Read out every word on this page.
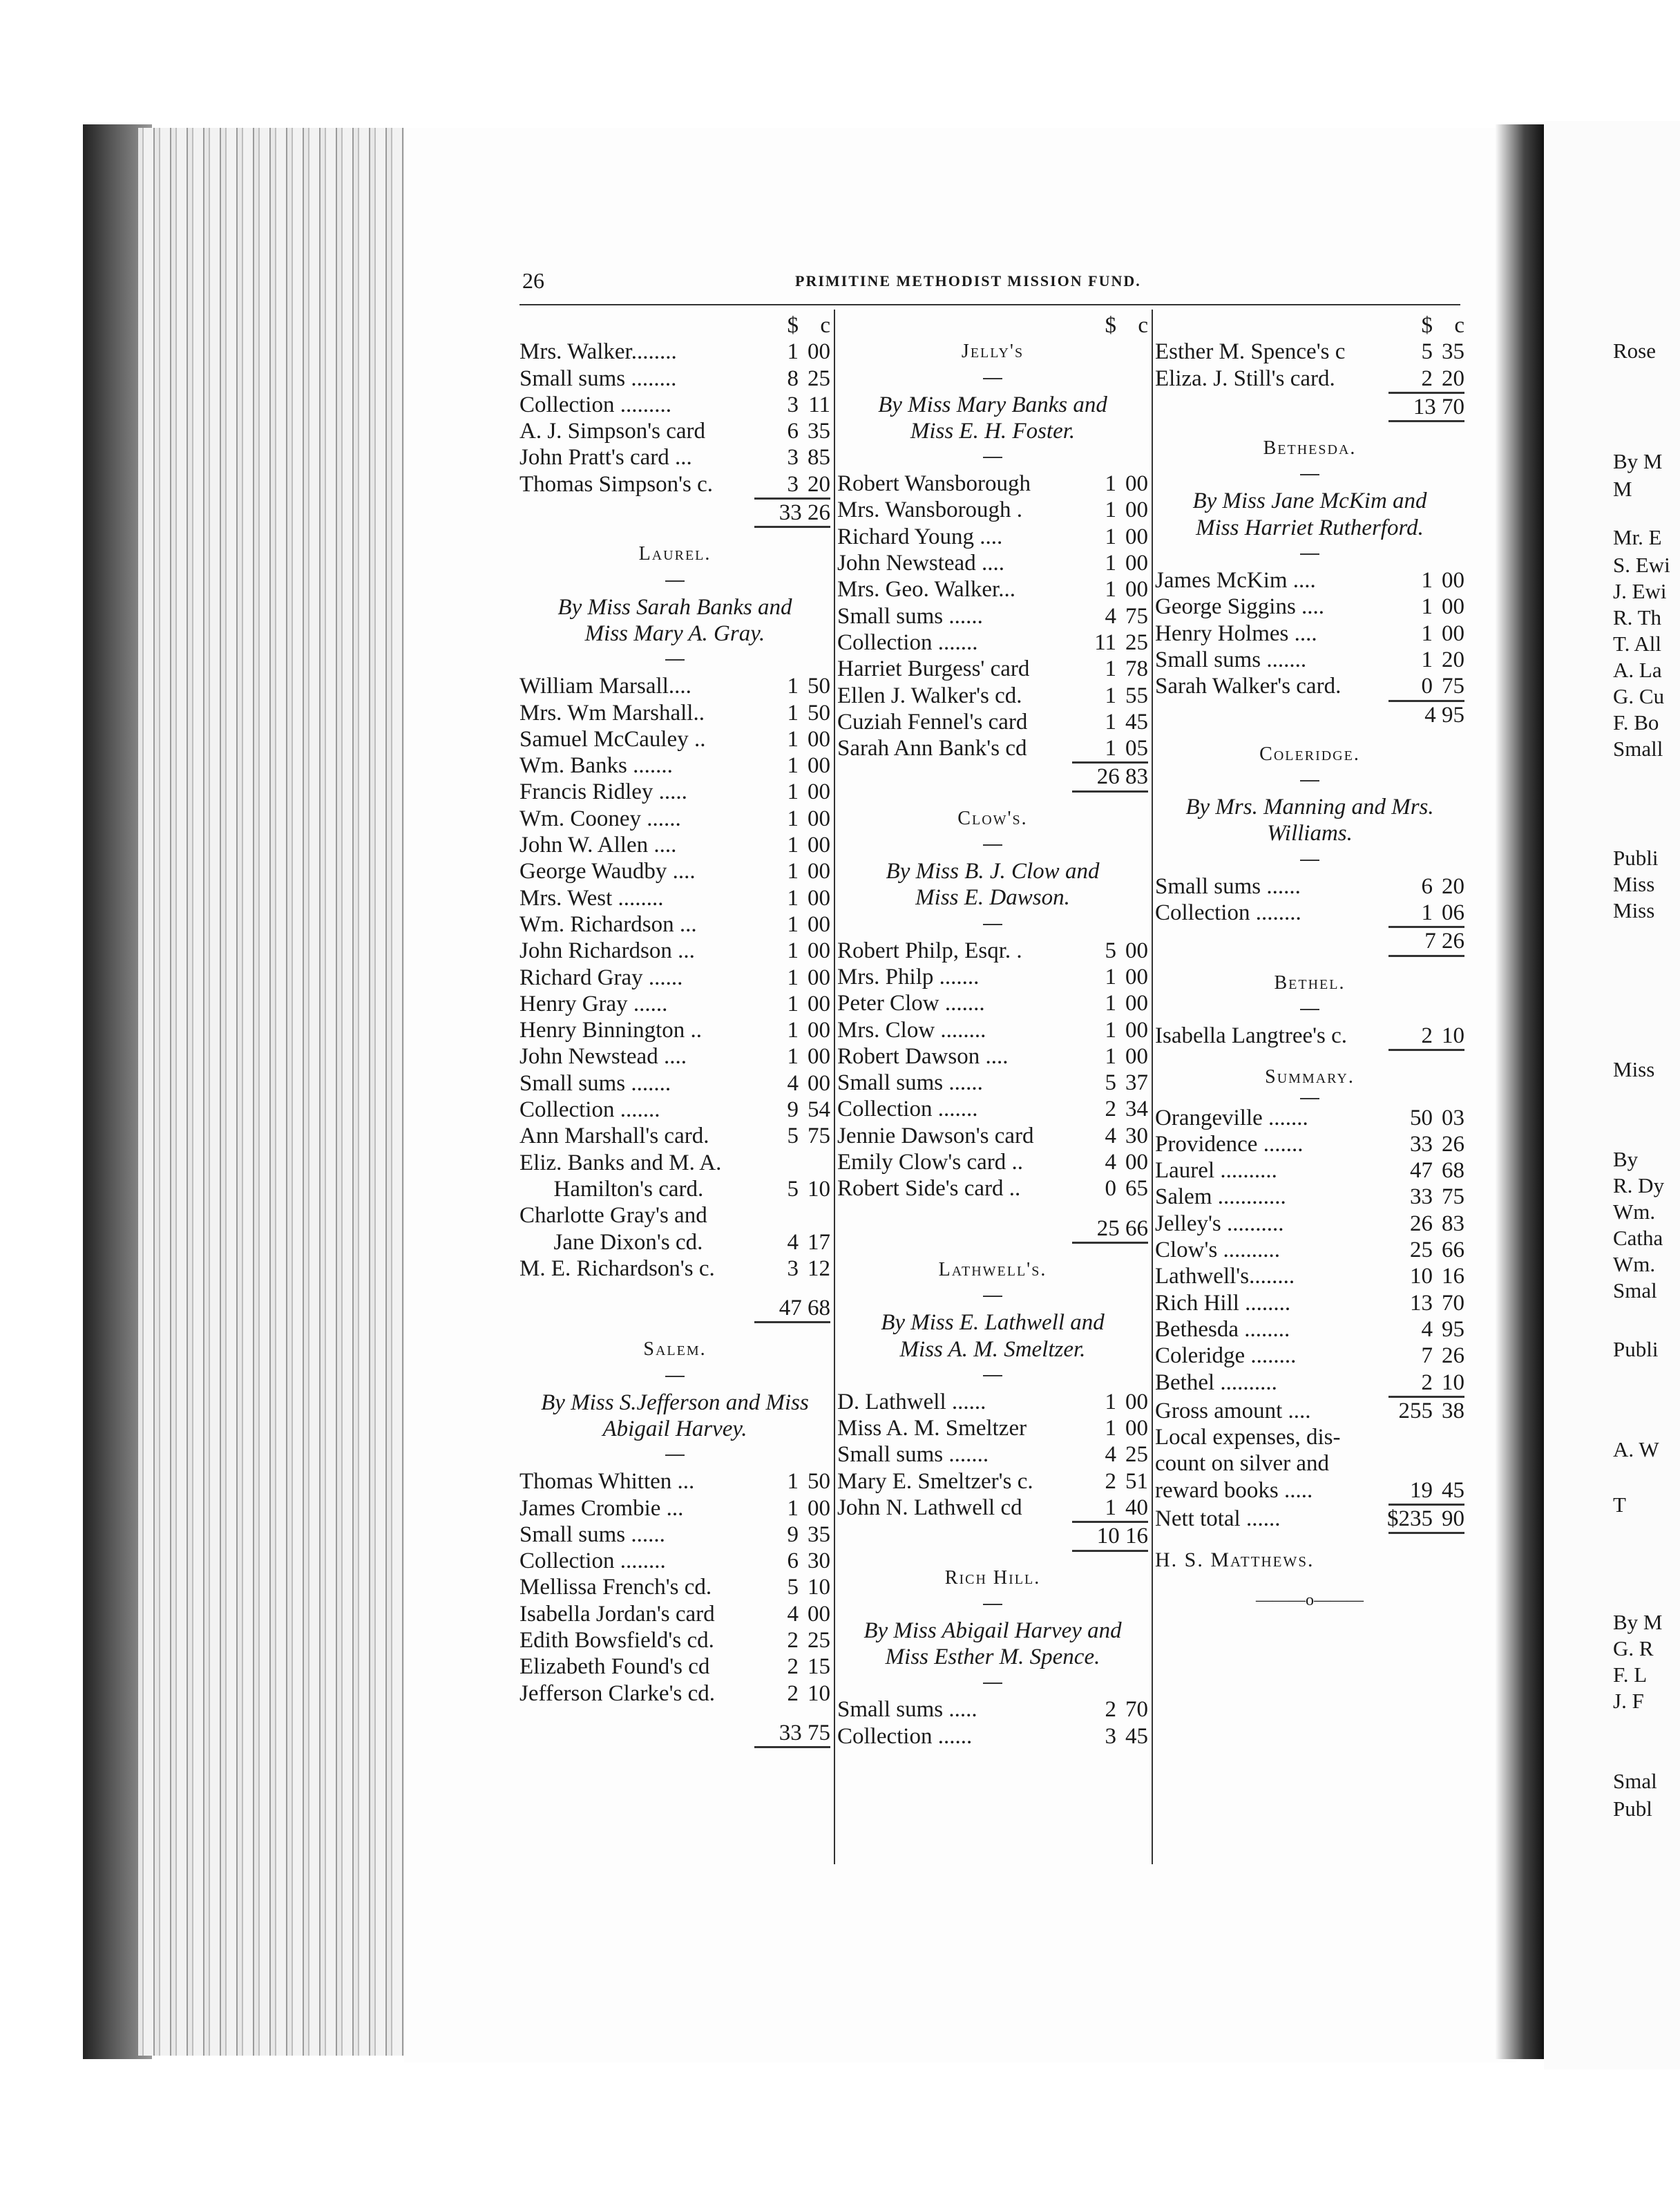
26	PRIMITINE METHODIST MISSION FUND.
$ c
Mrs. Walker........	1 00
Small sums ........	8 25
Collection .........	3 11
A. J. Simpson's card	6 35
John Pratt's card ...	3 85
Thomas Simpson's c.	3 20
33 26
Laurel.
By Miss Sarah Banks and
Miss Mary A. Gray.
William Marsall....	1 50
Mrs. Wm Marshall..	1 50
Samuel McCauley ..	1 00
Wm. Banks .......	1 00
Francis Ridley .....	1 00
Wm. Cooney ......	1 00
John W. Allen ....	1 00
George Waudby ....	1 00
Mrs. West ........	1 00
Wm. Richardson ...	1 00
John Richardson ...	1 00
Richard Gray ......	1 00
Henry Gray ......	1 00
Henry Binnington ..	1 00
John Newstead ....	1 00
Small sums .......	4 00
Collection .......	9 54
Ann Marshall's card.	5 75
Eliz. Banks and M. A.
Hamilton's card.	5 10
Charlotte Gray's and
Jane Dixon's cd.	4 17
M. E. Richardson's c.	3 12
47 68
Salem.
By Miss S.Jefferson and Miss
Abigail Harvey.
Thomas Whitten ...	1 50
James Crombie ...	1 00
Small sums ......	9 35
Collection ........	6 30
Mellissa French's cd.	5 10
Isabella Jordan's card	4 00
Edith Bowsfield's cd.	2 25
Elizabeth Found's cd	2 15
Jefferson Clarke's cd.	2 10
33 75
$ c
Jelly's
By Miss Mary Banks and
Miss E. H. Foster.
Robert Wansborough	1 00
Mrs. Wansborough .	1 00
Richard Young ....	1 00
John Newstead ....	1 00
Mrs. Geo. Walker...	1 00
Small sums ......	4 75
Collection .......	11 25
Harriet Burgess' card	1 78
Ellen J. Walker's cd.	1 55
Cuziah Fennel's card	1 45
Sarah Ann Bank's cd	1 05
26 83
Clow's.
By Miss B. J. Clow and
Miss E. Dawson.
Robert Philp, Esqr. .	5 00
Mrs. Philp .......	1 00
Peter Clow .......	1 00
Mrs. Clow ........	1 00
Robert Dawson ....	1 00
Small sums ......	5 37
Collection .......	2 34
Jennie Dawson's card	4 30
Emily Clow's card ..	4 00
Robert Side's card ..	0 65
25 66
Lathwell's.
By Miss E. Lathwell and
Miss A. M. Smeltzer.
D. Lathwell ......	1 00
Miss A. M. Smeltzer	1 00
Small sums .......	4 25
Mary E. Smeltzer's c.	2 51
John N. Lathwell cd	1 40
10 16
Rich Hill.
By Miss Abigail Harvey and
Miss Esther M. Spence.
Small sums .....	2 70
Collection ......	3 45
$ c
Esther M. Spence's c	5 35
Eliza. J. Still's card.	2 20
13 70
Bethesda.
By Miss Jane McKim and
Miss Harriet Rutherford.
James McKim ....	1 00
George Siggins ....	1 00
Henry Holmes ....	1 00
Small sums .......	1 20
Sarah Walker's card.	0 75
4 95
Coleridge.
By Mrs. Manning and Mrs.
Williams.
Small sums ......	6 20
Collection ........	1 06
7 26
Bethel.
Isabella Langtree's c.	2 10
Summary.
Orangeville .......	50 03
Providence .......	33 26
Laurel ..........	47 68
Salem ............	33 75
Jelley's ..........	26 83
Clow's ..........	25 66
Lathwell's........	10 16
Rich Hill ........	13 70
Bethesda ........	4 95
Coleridge ........	7 26
Bethel ..........	2 10
Gross amount ....	255 38
Local expenses, dis-
count on silver and
reward books .....	19 45
Nett total ......	$235 90
H. S. Matthews.
———o———
Rose
By M
M
Mr. E
S. Ewi
J. Ewi
R. Th
T. All
A. La
G. Cu
F. Bo
Small
Publi
Miss
Miss
Miss
By
R. Dy
Wm.
Catha
Wm.
Smal
Publi
A. W
T
By M
G. R
F. L
J. F
Smal
Publ
